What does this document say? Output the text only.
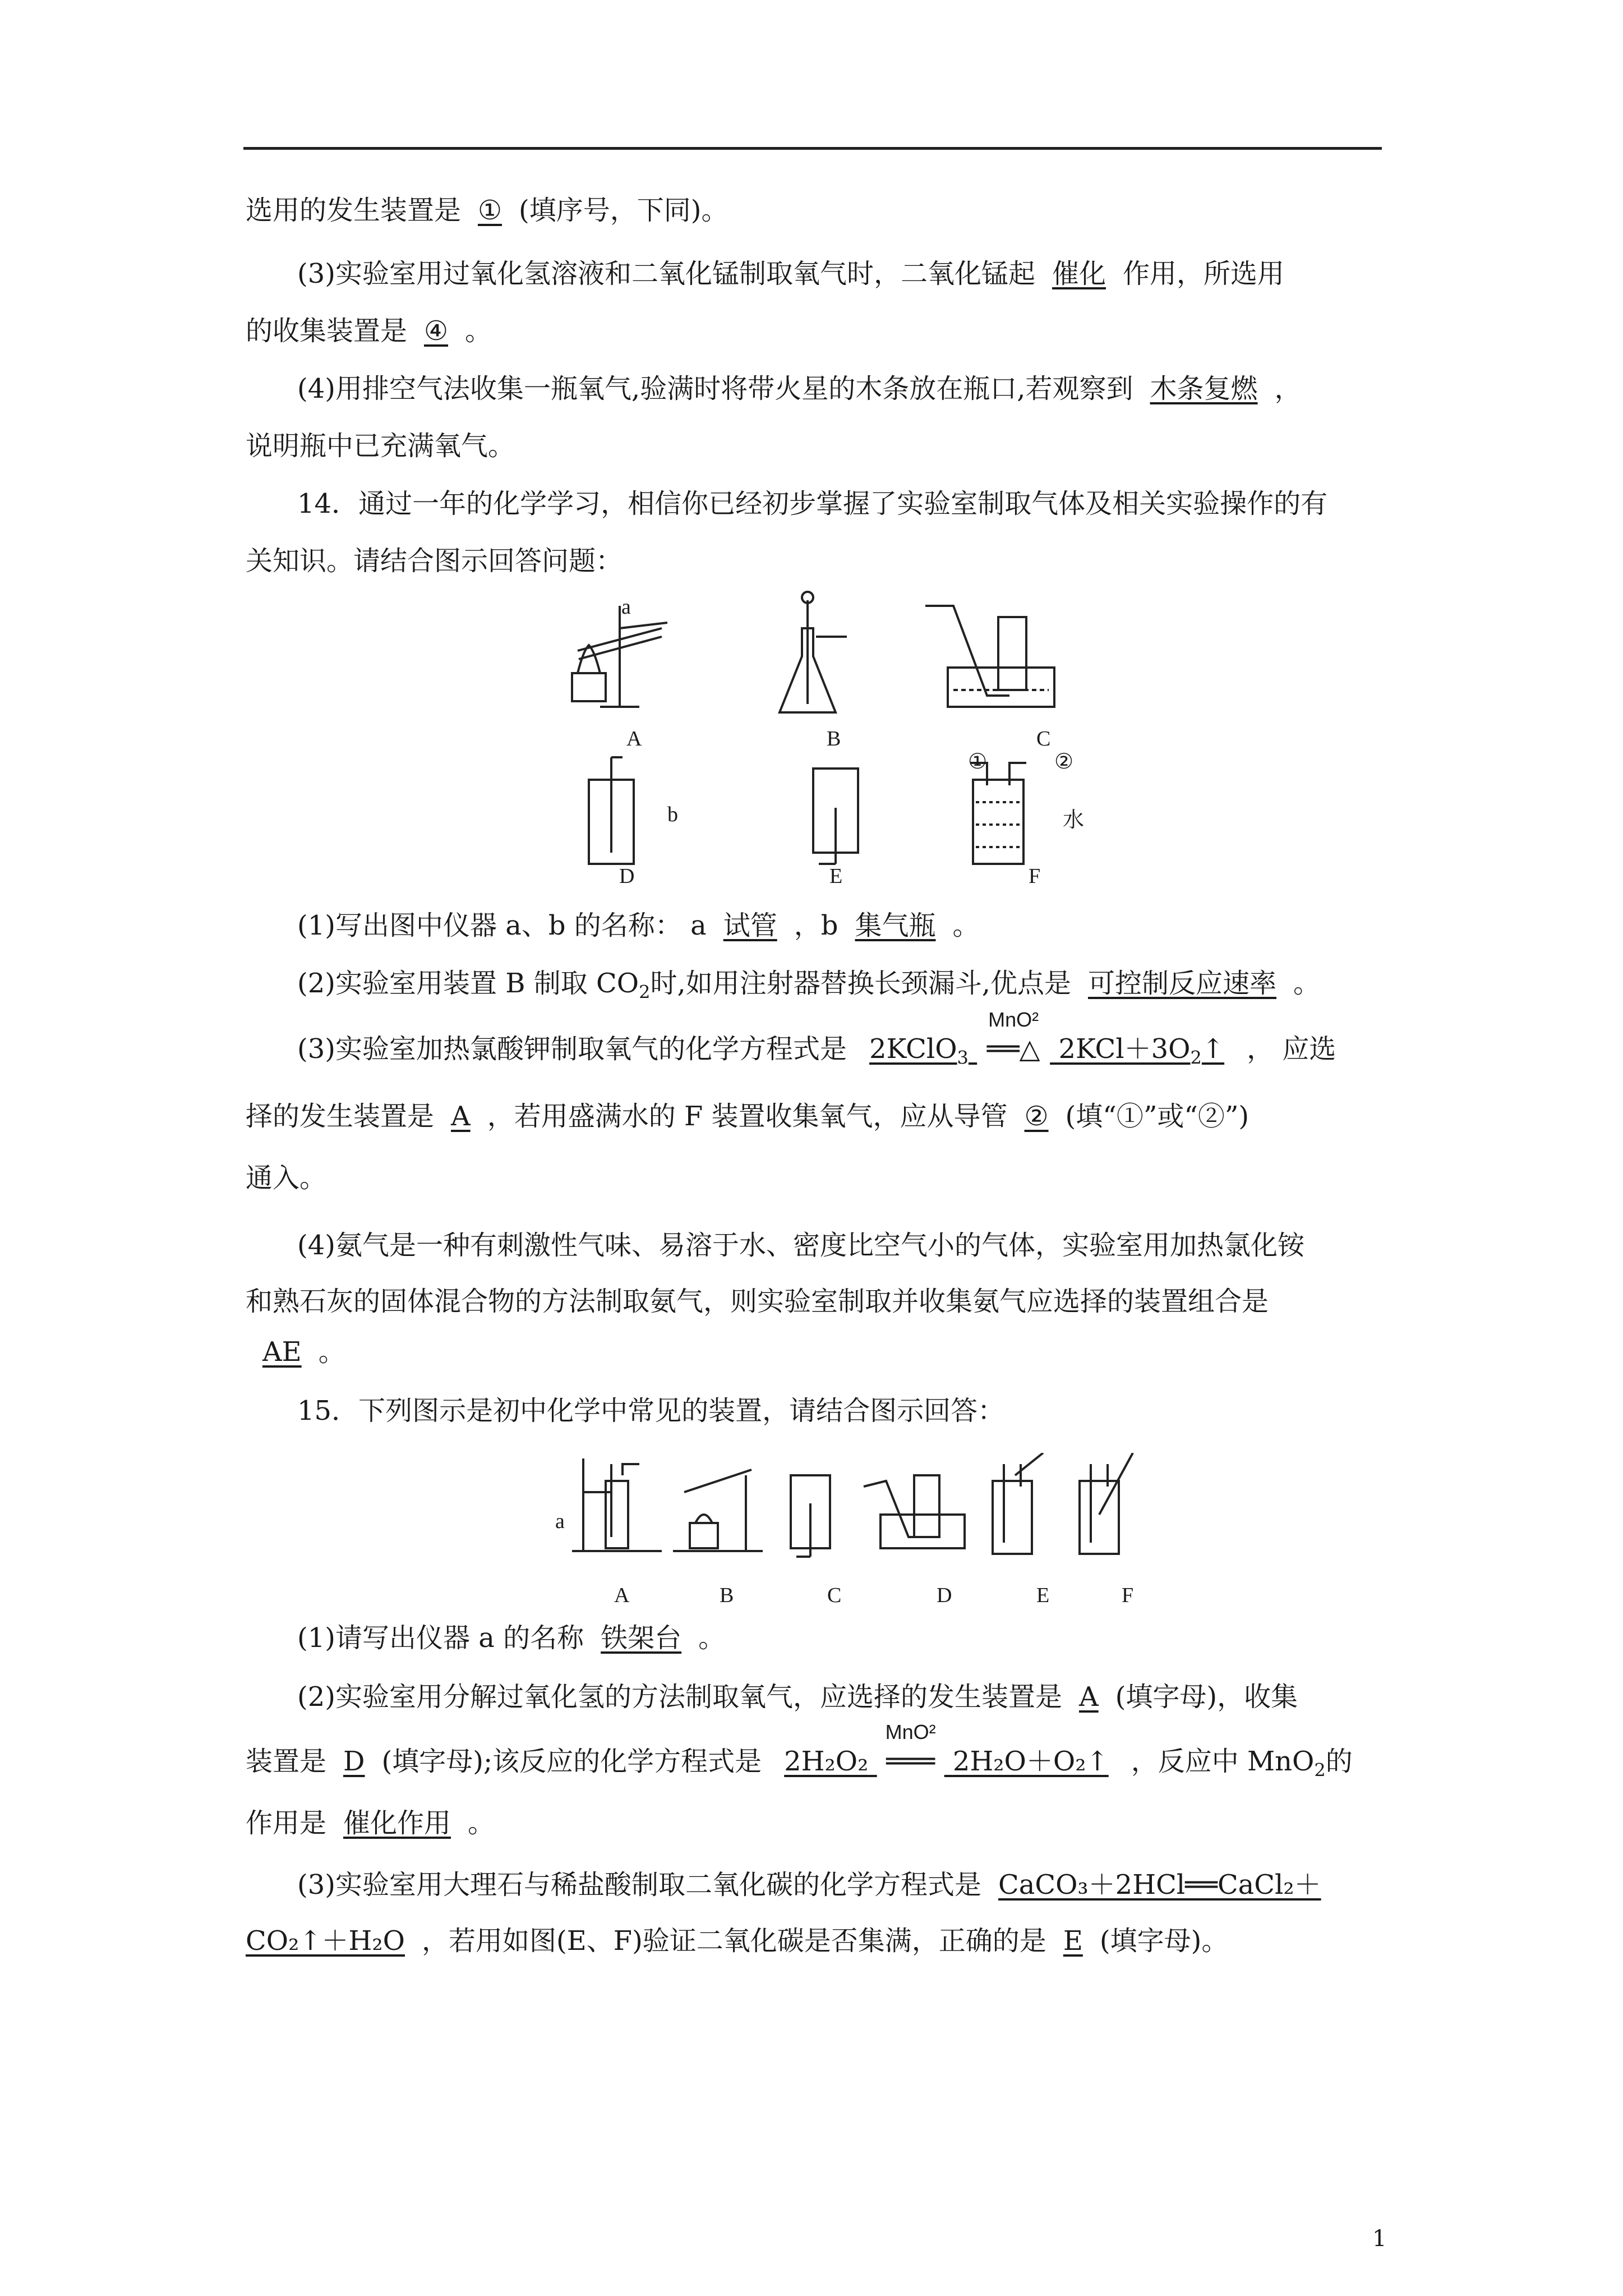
选用的发生装置是 ① (填序号，下同)。
(3)实验室用过氧化氢溶液和二氧化锰制取氧气时，二氧化锰起 催化 作用，所选用
的收集装置是 ④ 。
(4)用排空气法收集一瓶氧气,验满时将带火星的木条放在瓶口,若观察到 木条复燃 ，
说明瓶中已充满氧气。
14．通过一年的化学学习，相信你已经初步掌握了实验室制取气体及相关实验操作的有
关知识。请结合图示回答问题：
A	B	C
D	E	F
a
b
①	②
水
(1)写出图中仪器 a、b 的名称： a 试管 ，b 集气瓶 。
(2)实验室用装置 B 制取 $CO_2$时,如用注射器替换长颈漏斗,优点是 可控制反应速率 。
(3)实验室加热氯酸钾制取氧气的化学方程式是 2KClO$_3$
MnO²
══△ $2KCl+3O_2↑$ ， 应选
择的发生装置是 A ，若用盛满水的 F 装置收集氧气，应从导管 ② (填“①”或“②”)
通入。
(4)氨气是一种有刺激性气味、易溶于水、密度比空气小的气体，实验室用加热氯化铵
和熟石灰的固体混合物的方法制取氨气，则实验室制取并收集氨气应选择的装置组合是
AE 。
15．下列图示是初中化学中常见的装置，请结合图示回答：
A	B	C	D	E	F
a
(1)请写出仪器 a 的名称 铁架台 。
(2)实验室用分解过氧化氢的方法制取氧气，应选择的发生装置是 A (填字母)，收集
装置是 D (填字母);该反应的化学方程式是 2H₂O₂
MnO²
═══ 2H₂O＋O₂↑ ，反应中 MnO$_2$的
作用是 催化作用 。
(3)实验室用大理石与稀盐酸制取二氧化碳的化学方程式是 CaCO₃＋2HCl══CaCl₂＋
CO₂↑＋H₂O ，若用如图(E、F)验证二氧化碳是否集满，正确的是 E (填字母)。
1
